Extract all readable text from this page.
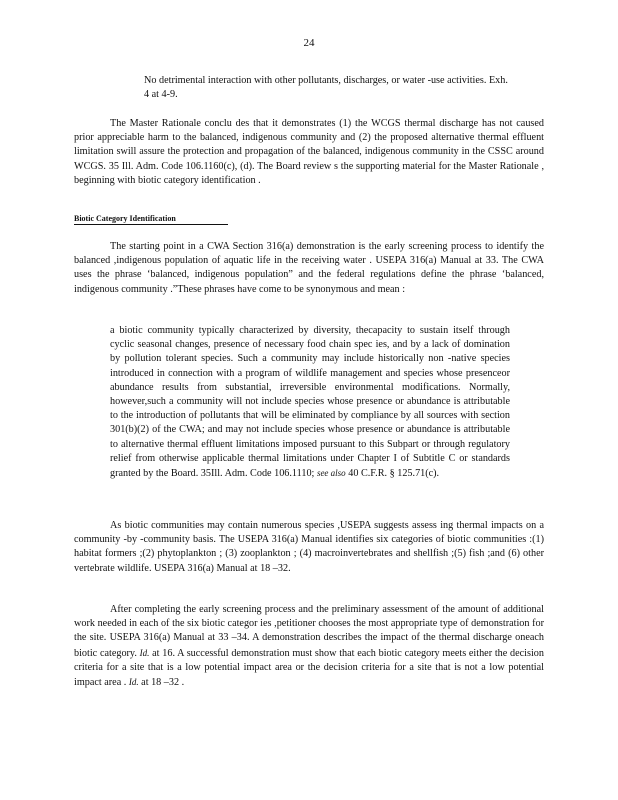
24
No detrimental interaction with other pollutants, discharges, or water -use activities. Exh. 4 at 4-9.
The Master Rationale conclu des that it demonstrates (1) the WCGS thermal discharge has not caused prior appreciable harm to the balanced, indigenous community and (2) the proposed alternative thermal effluent limitation swill assure the protection and propagation of the balanced, indigenous community in the CSSC around WCGS. 35 Ill. Adm. Code 106.1160(c), (d). The Board review s the supporting material for the Master Rationale , beginning with biotic category identification .
Biotic Category Identification
The starting point in a CWA Section 316(a) demonstration is the early screening process to identify the balanced ,indigenous population of aquatic life in the receiving water . USEPA 316(a) Manual at 33. The CWA uses the phrase ‘balanced, indigenous population” and the federal regulations define the phrase ‘balanced, indigenous community .”These phrases have come to be synonymous and mean :
a biotic community typically characterized by diversity, thecapacity to sustain itself through cyclic seasonal changes, presence of necessary food chain spec ies, and by a lack of domination by pollution tolerant species. Such a community may include historically non -native species introduced in connection with a program of wildlife management and species whose presenceor abundance results from substantial, irreversible environmental modifications. Normally, however,such a community will not include species whose presence or abundance is attributable to the introduction of pollutants that will be eliminated by compliance by all sources with section 301(b)(2) of the CWA; and may not include species whose presence or abundance is attributable to alternative thermal effluent limitations imposed pursuant to this Subpart or through regulatory relief from otherwise applicable thermal limitations under Chapter I of Subtitle C or standards granted by the Board. 35Ill. Adm. Code 106.1110; see also 40 C.F.R. § 125.71(c).
As biotic communities may contain numerous species ,USEPA suggests assess ing thermal impacts on a community -by -community basis. The USEPA 316(a) Manual identifies six categories of biotic communities :(1) habitat formers ;(2) phytoplankton ; (3) zooplankton ; (4) macroinvertebrates and shellfish ;(5) fish ;and (6) other vertebrate wildlife. USEPA 316(a) Manual at 18 –32.
After completing the early screening process and the preliminary assessment of the amount of additional work needed in each of the six biotic categor ies ,petitioner chooses the most appropriate type of demonstration for the site. USEPA 316(a) Manual at 33 –34. A demonstration describes the impact of the thermal discharge oneach biotic category. Id. at 16. A successful demonstration must show that each biotic category meets either the decision criteria for a site that is a low potential impact area or the decision criteria for a site that is not a low potential impact area . Id. at 18 –32 .
